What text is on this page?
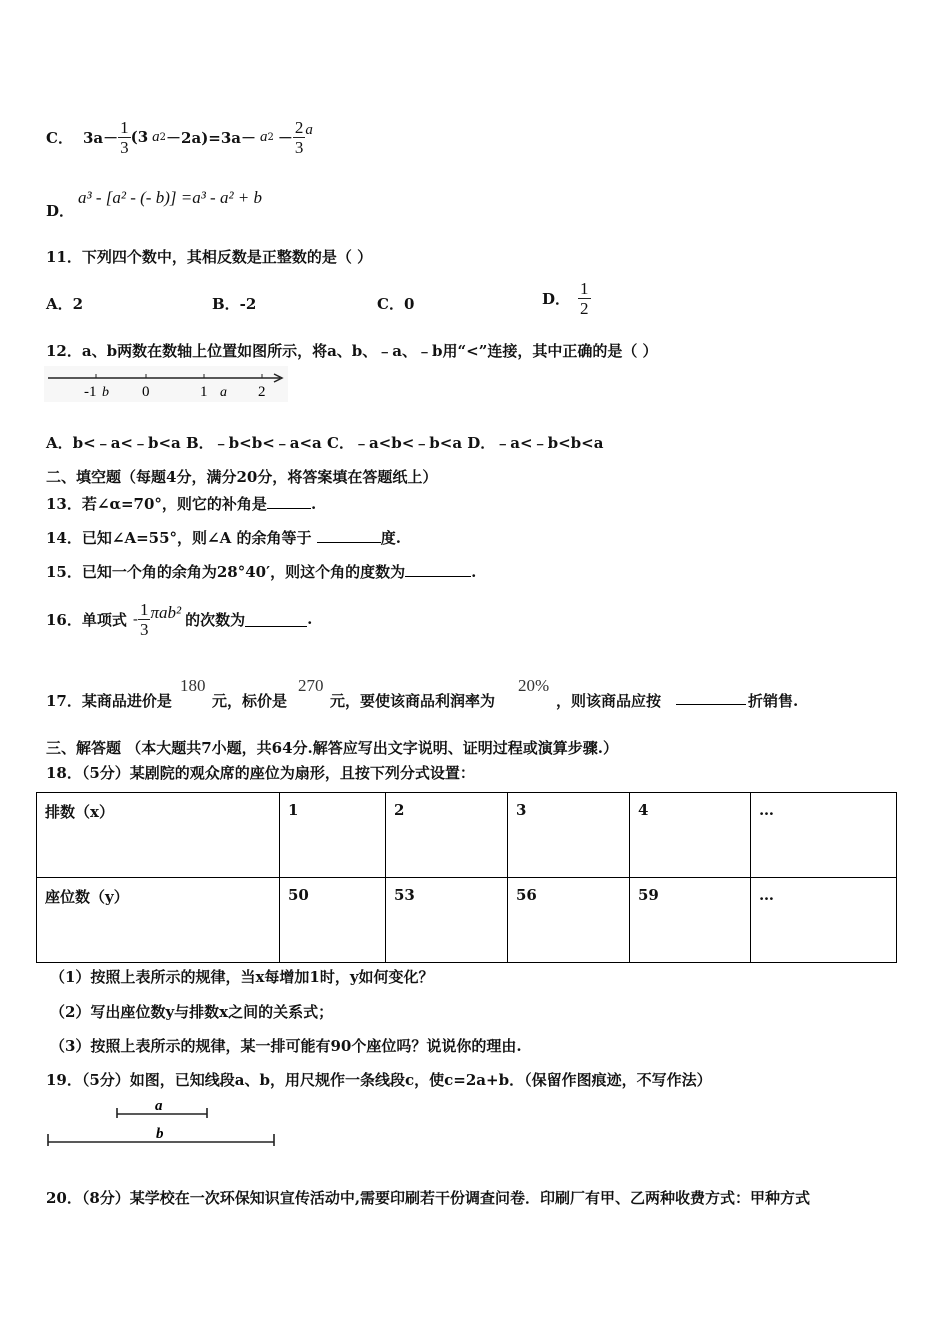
C． $3a- \frac{1}{3} (3$ a 2 －2a)=3a－ a $2 - \frac{2}{3}$ a
D．
a³ - [a² - (- b)] =a³ - a² + b
11．下列四个数中，其相反数是正整数的是（ ）
A．2	B．-2	C．0	D． $\frac{1}{2}$
12．a、b两数在数轴上位置如图所示，将a、b、﹣a、﹣b用“<”连接，其中正确的是（ ）
-1 b 0	1 a 2
A．b<﹣a<﹣b<a B．﹣b<b<﹣a<a C．﹣a<b<﹣b<a D．﹣a<﹣b<b<a
二、填空题（每题4分，满分20分，将答案填在答题纸上）
13．若∠α=70°，则它的补角是	.
14．已知∠A=55°，则∠A 的余角等于	度.
15．已知一个角的余角为28°40′，则这个角的度数为	.
16．单项式 - $\frac{1}{3} \pi ab^2$ 的次数为	.
17．某商品进价是
180
元，标价是
270
元，要使该商品利润率为
20%
，则该商品应按	折销售.
三、解答题 （本大题共7小题，共64分.解答应写出文字说明、证明过程或演算步骤.）
18．（5分）某剧院的观众席的座位为扇形，且按下列分式设置：
排数（x）	1	2	3	4	…
座位数（y）	50	53	56	59	…
（1）按照上表所示的规律，当x每增加1时，y如何变化？
（2）写出座位数y与排数x之间的关系式；
（3）按照上表所示的规律，某一排可能有90个座位吗？说说你的理由.
19．（5分）如图，已知线段a、b，用尺规作一条线段c，使c=2a+b．（保留作图痕迹，不写作法）
a
b
20．（8分）某学校在一次环保知识宣传活动中,需要印刷若干份调查问卷．印刷厂有甲、乙两种收费方式：甲种方式
